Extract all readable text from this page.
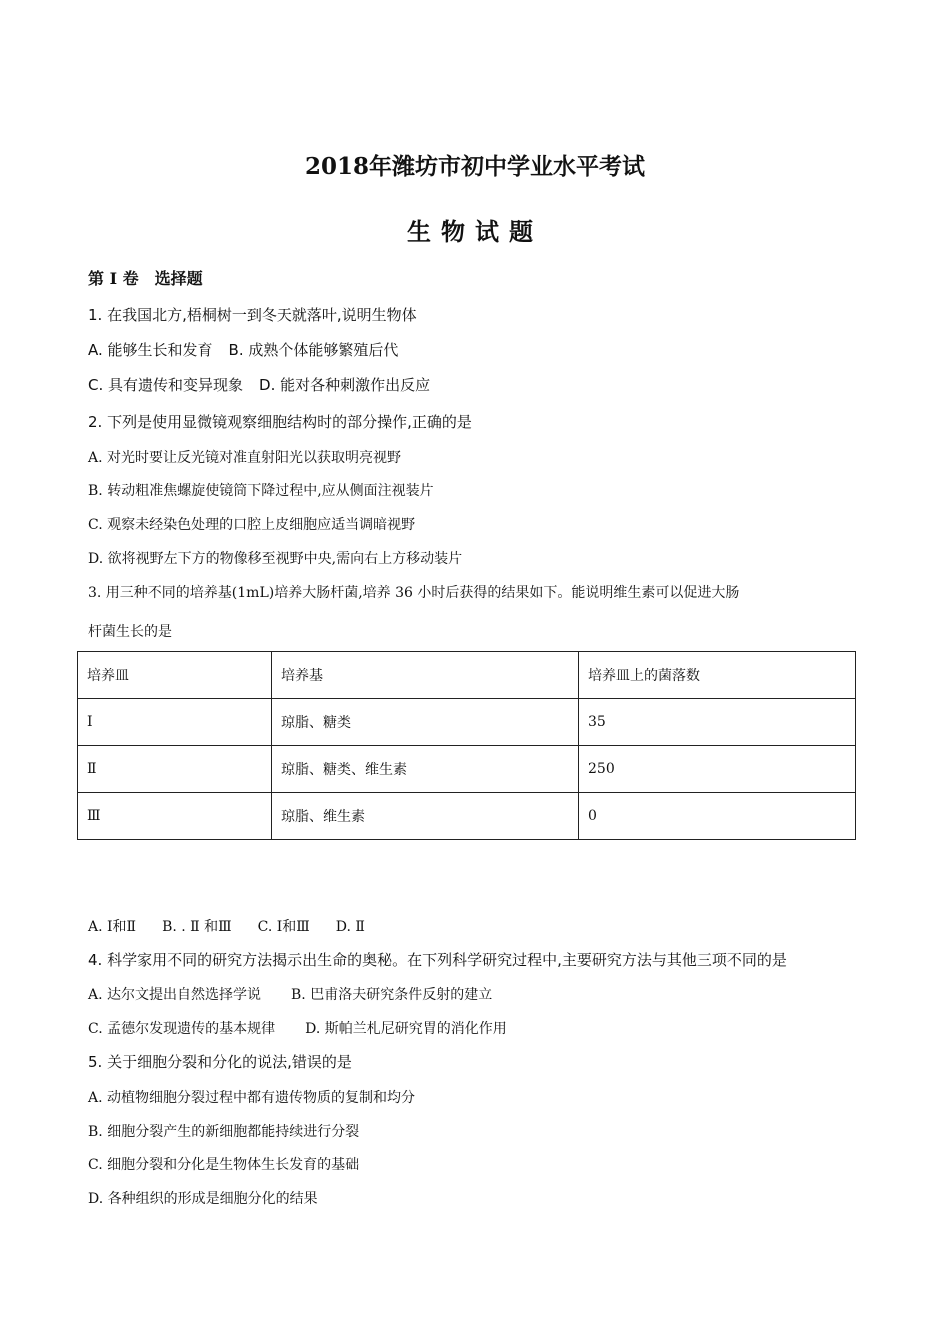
2018年潍坊市初中学业水平考试
生物试题
第 I 卷　选择题
1. 在我国北方,梧桐树一到冬天就落叶,说明生物体
A. 能够生长和发育 B. 成熟个体能够繁殖后代
C. 具有遗传和变异现象 D. 能对各种刺激作出反应
2. 下列是使用显微镜观察细胞结构时的部分操作,正确的是
A. 对光时要让反光镜对准直射阳光以获取明亮视野
B. 转动粗准焦螺旋使镜筒下降过程中,应从侧面注视装片
C. 观察未经染色处理的口腔上皮细胞应适当调暗视野
D. 欲将视野左下方的物像移至视野中央,需向右上方移动装片
3. 用三种不同的培养基(1mL)培养大肠杆菌,培养 36 小时后获得的结果如下。能说明维生素可以促进大肠
杆菌生长的是
培养皿	培养基	培养皿上的菌落数
Ⅰ	琼脂、糖类	35
Ⅱ	琼脂、糖类、维生素	250
Ⅲ	琼脂、维生素	0
A. Ⅰ和Ⅱ B. . Ⅱ 和Ⅲ C. Ⅰ和Ⅲ D. Ⅱ
4. 科学家用不同的研究方法揭示出生命的奥秘。在下列科学研究过程中,主要研究方法与其他三项不同的是
A. 达尔文提出自然选择学说 B. 巴甫洛夫研究条件反射的建立
C. 孟德尔发现遗传的基本规律 D. 斯帕兰札尼研究胃的消化作用
5. 关于细胞分裂和分化的说法,错误的是
A. 动植物细胞分裂过程中都有遗传物质的复制和均分
B. 细胞分裂产生的新细胞都能持续进行分裂
C. 细胞分裂和分化是生物体生长发育的基础
D. 各种组织的形成是细胞分化的结果
